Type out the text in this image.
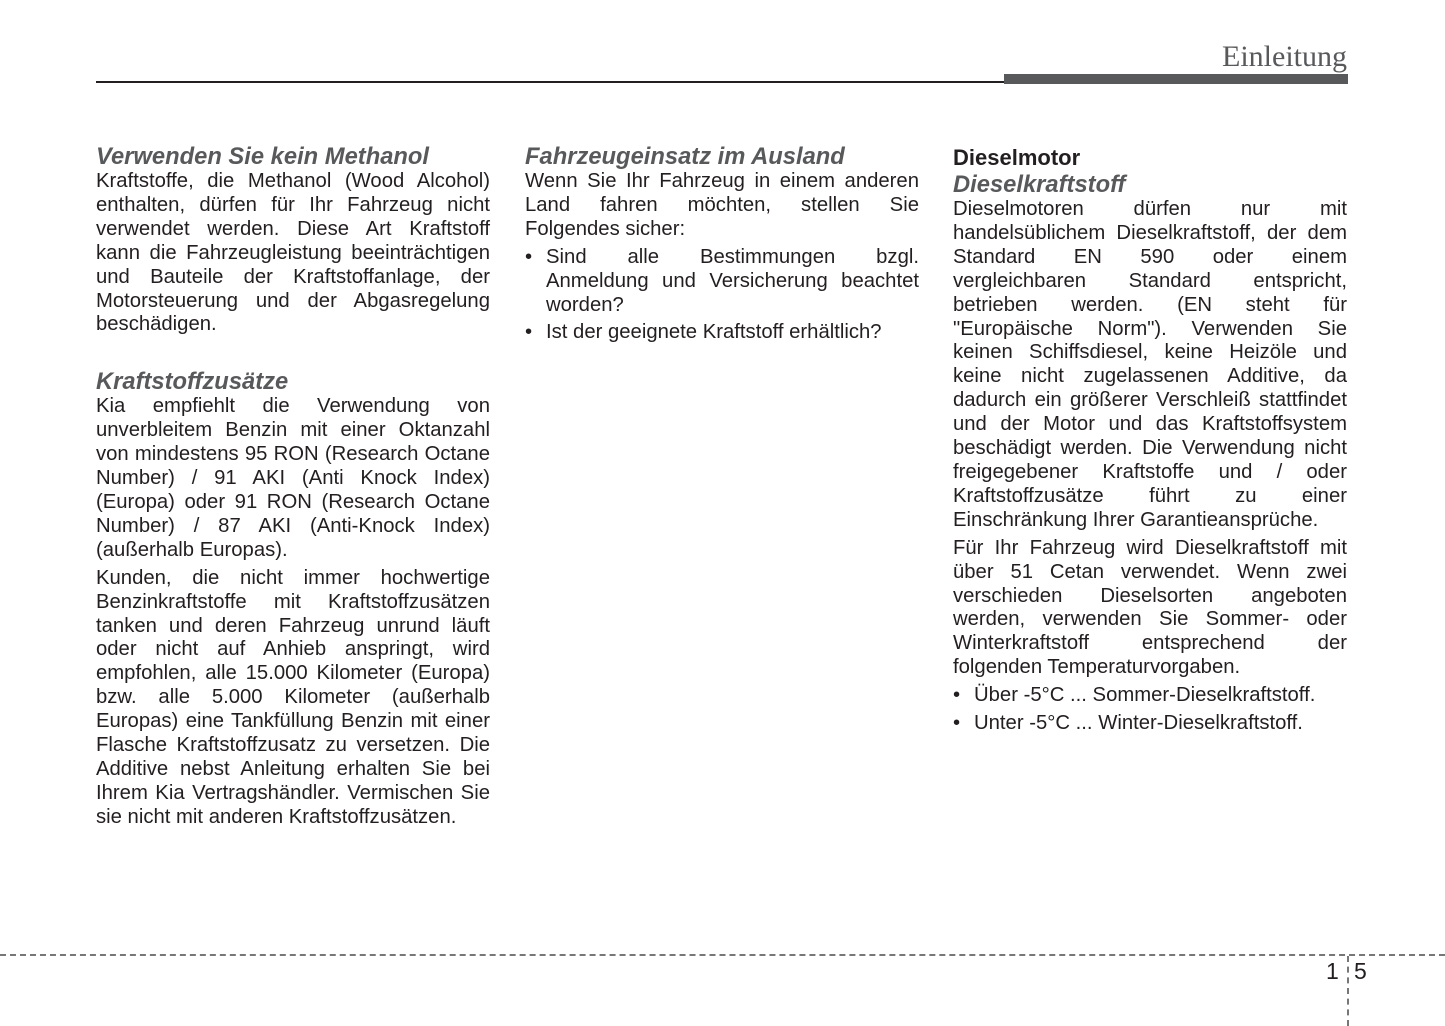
Einleitung
Verwenden Sie kein Methanol

Kraftstoffe, die Methanol (Wood Alcohol) enthalten, dürfen für Ihr Fahrzeug nicht verwendet werden. Diese Art Kraftstoff kann die Fahrzeugleistung beeinträchtigen und Bauteile der Kraftstoffanlage, der Motorsteuerung und der Abgasregelung beschädigen.

Kraftstoffzusätze

Kia empfiehlt die Verwendung von unverbleitem Benzin mit einer Oktanzahl von mindestens 95 RON (Research Octane Number) / 91 AKI (Anti Knock Index) (Europa) oder 91 RON (Research Octane Number) / 87 AKI (Anti-Knock Index) (außerhalb Europas).

Kunden, die nicht immer hochwertige Benzinkraftstoffe mit Kraftstoffzusätzen tanken und deren Fahrzeug unrund läuft oder nicht auf Anhieb anspringt, wird empfohlen, alle 15.000 Kilometer (Europa) bzw. alle 5.000 Kilometer (außerhalb Europas) eine Tankfüllung Benzin mit einer Flasche Kraftstoffzusatz zu versetzen. Die Additive nebst Anleitung erhalten Sie bei Ihrem Kia Vertragshändler. Vermischen Sie sie nicht mit anderen Kraftstoffzusätzen.

Fahrzeugeinsatz im Ausland

Wenn Sie Ihr Fahrzeug in einem anderen Land fahren möchten, stellen Sie Folgendes sicher:

• Sind alle Bestimmungen bzgl. Anmeldung und Versicherung beachtet worden?
• Ist der geeignete Kraftstoff erhältlich?
Dieselmotor
Dieselkraftstoff

Dieselmotoren dürfen nur mit handelsüblichem Dieselkraftstoff, der dem Standard EN 590 oder einem vergleichbaren Standard entspricht, betrieben werden. (EN steht für "Europäische Norm"). Verwenden Sie keinen Schiffsdiesel, keine Heizöle und keine nicht zugelassenen Additive, da dadurch ein größerer Verschleiß stattfindet und der Motor und das Kraftstoffsystem beschädigt werden. Die Verwendung nicht freigegebener Kraftstoffe und / oder Kraftstoffzusätze führt zu einer Einschränkung Ihrer Garantieansprüche.

Für Ihr Fahrzeug wird Dieselkraftstoff mit über 51 Cetan verwendet. Wenn zwei verschieden Dieselsorten angeboten werden, verwenden Sie Sommer- oder Winterkraftstoff entsprechend der folgenden Temperaturvorgaben.

• Über -5°C ... Sommer-Dieselkraftstoff.
• Unter -5°C ... Winter-Dieselkraftstoff.
1 5
